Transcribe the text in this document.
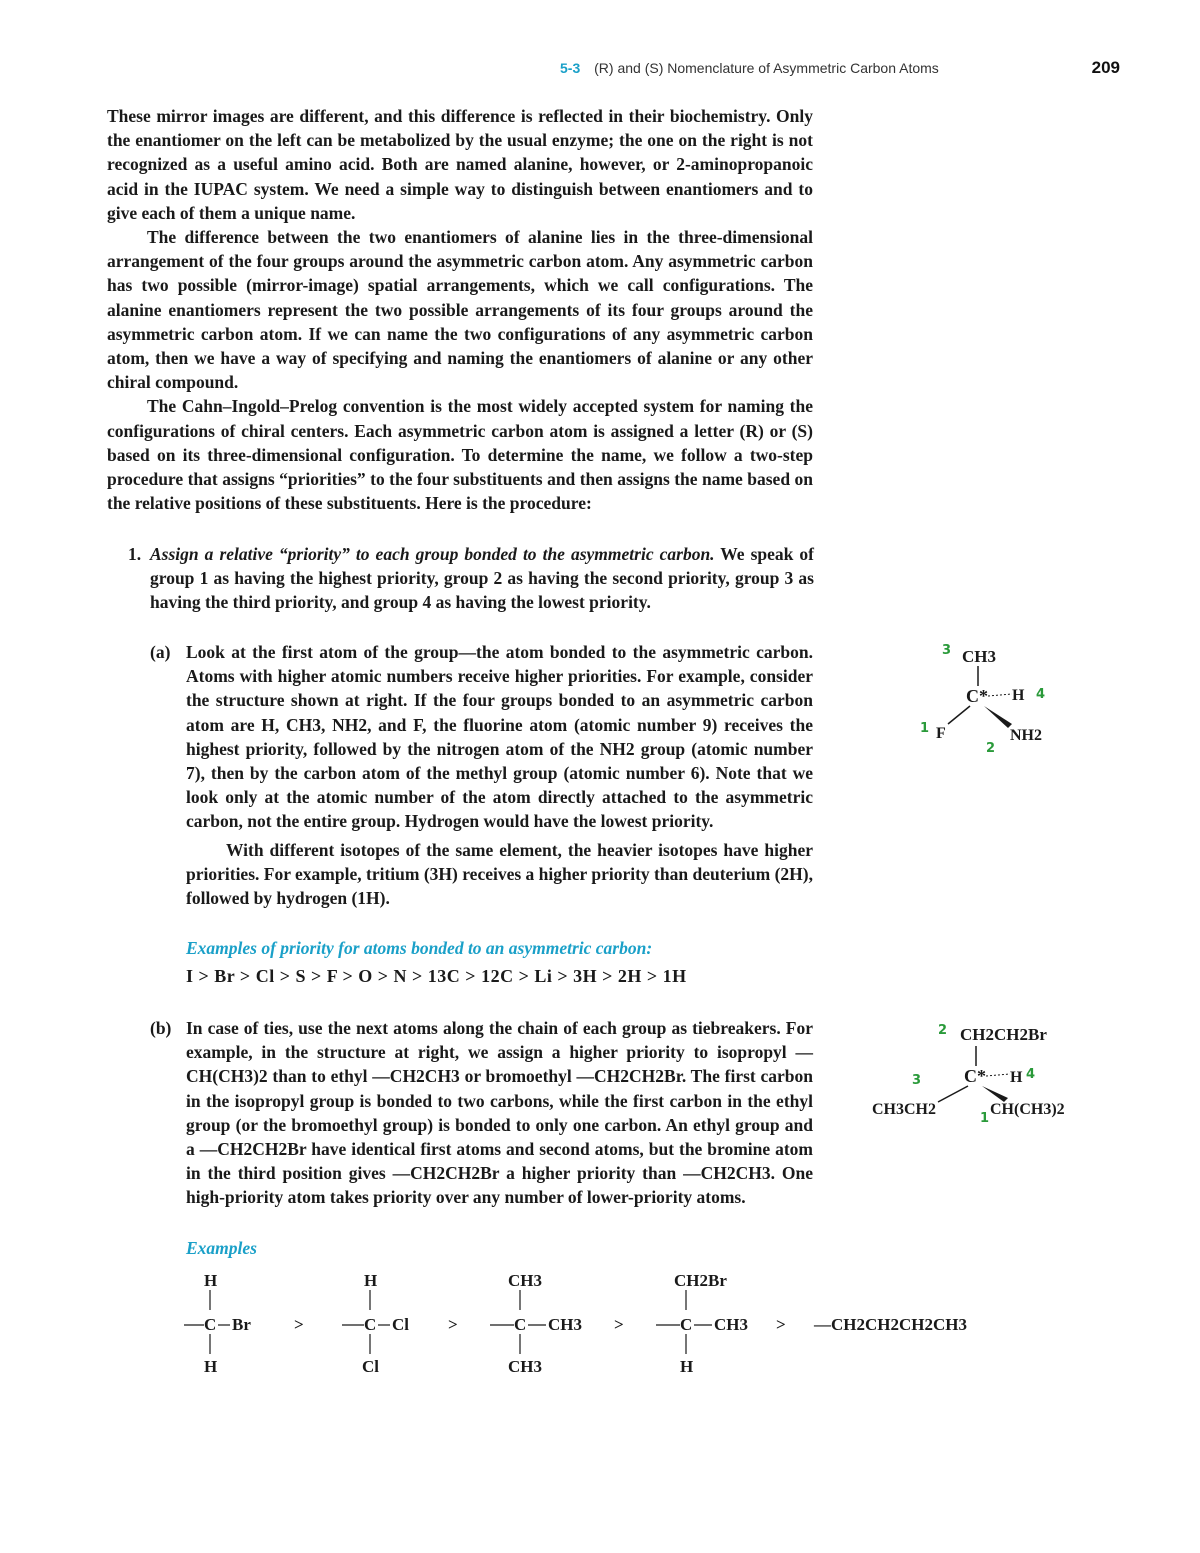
5-3 (R) and (S) Nomenclature of Asymmetric Carbon Atoms	209

These mirror images are different, and this difference is reflected in their biochemistry. Only the enantiomer on the left can be metabolized by the usual enzyme; the one on the right is not recognized as a useful amino acid. Both are named alanine, however, or 2-aminopropanoic acid in the IUPAC system. We need a simple way to distinguish between enantiomers and to give each of them a unique name.

The difference between the two enantiomers of alanine lies in the three-dimensional arrangement of the four groups around the asymmetric carbon atom. Any asymmetric carbon has two possible (mirror-image) spatial arrangements, which we call configurations. The alanine enantiomers represent the two possible arrangements of its four groups around the asymmetric carbon atom. If we can name the two configurations of any asymmetric carbon atom, then we have a way of specifying and naming the enantiomers of alanine or any other chiral compound.

The Cahn–Ingold–Prelog convention is the most widely accepted system for naming the configurations of chiral centers. Each asymmetric carbon atom is assigned a letter (R) or (S) based on its three-dimensional configuration. To determine the name, we follow a two-step procedure that assigns “priorities” to the four substituents and then assigns the name based on the relative positions of these substituents. Here is the procedure:

1. Assign a relative “priority” to each group bonded to the asymmetric carbon. We speak of group 1 as having the highest priority, group 2 as having the second priority, group 3 as having the third priority, and group 4 as having the lowest priority.
(a) Look at the first atom of the group—the atom bonded to the asymmetric carbon. Atoms with higher atomic numbers receive higher priorities. For example, consider the structure shown at right. If the four groups bonded to an asymmetric carbon atom are H, CH3, NH2, and F, the fluorine atom (atomic number 9) receives the highest priority, followed by the nitrogen atom of the NH2 group (atomic number 7), then by the carbon atom of the methyl group (atomic number 6). Note that we look only at the atomic number of the atom directly attached to the asymmetric carbon, not the entire group. Hydrogen would have the lowest priority.

With different isotopes of the same element, the heavier isotopes have higher priorities. For example, tritium (3H) receives a higher priority than deuterium (2H), followed by hydrogen (1H).

Examples of priority for atoms bonded to an asymmetric carbon:
I > Br > Cl > S > F > O > N > 13C > 12C > Li > 3H > 2H > 1H
(b) In case of ties, use the next atoms along the chain of each group as tiebreakers. For example, in the structure at right, we assign a higher priority to isopropyl —CH(CH3)2 than to ethyl —CH2CH3 or bromoethyl —CH2CH2Br. The first carbon in the isopropyl group is bonded to two carbons, while the first carbon in the ethyl group (or the bromoethyl group) is bonded to only one carbon. An ethyl group and a —CH2CH2Br have identical first atoms and second atoms, but the bromine atom in the third position gives —CH2CH2Br a higher priority than —CH2CH3. One high-priority atom takes priority over any number of lower-priority atoms.

Examples
CH3
C* H
F	NH2
3
4
1
2
CH2CH2Br
C* H
CH3CH2	CH(CH3)2
2
4
3
1
H
C Br
H
>
H
C Cl
Cl
>
CH3
C CH3
CH3
>
CH2Br
C CH3
H
> —CH2CH2CH2CH3
